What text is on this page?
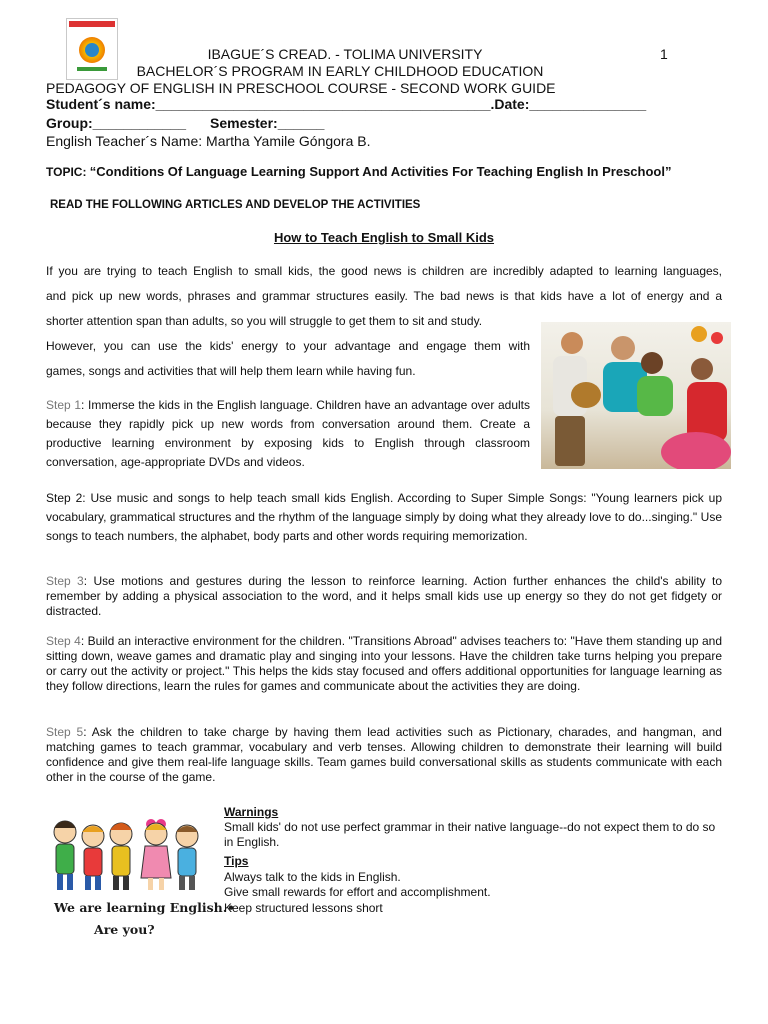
IBAGUE´S CREAD. - TOLIMA UNIVERSITY	1
BACHELOR´S PROGRAM IN EARLY CHILDHOOD EDUCATION
PEDAGOGY OF ENGLISH IN PRESCHOOL COURSE - SECOND WORK GUIDE
Student´s name:___________________________________________.Date:_______________
Group:____________ Semester:______
English Teacher´s Name: Martha Yamile Góngora B.
TOPIC: “Conditions Of Language Learning Support And Activities For Teaching English In Preschool”
READ THE FOLLOWING ARTICLES AND DEVELOP THE ACTIVITIES
How to Teach English to Small Kids
If you are trying to teach English to small kids, the good news is children are incredibly adapted to learning languages,
and pick up new words, phrases and grammar structures easily. The bad news is that kids have a lot of energy and a
shorter attention span than adults, so you will struggle to get them to sit and study.
However, you can use the kids' energy to your advantage and engage them with
games, songs and activities that will help them learn while having fun.
Step 1: Immerse the kids in the English language. Children have an advantage over adults because they rapidly pick up new words from conversation around them. Create a productive learning environment by exposing kids to English through classroom conversation, age-appropriate DVDs and videos.
Step 2: Use music and songs to help teach small kids English. According to Super Simple Songs: "Young learners pick up vocabulary, grammatical structures and the rhythm of the language simply by doing what they already love to do...singing." Use songs to teach numbers, the alphabet, body parts and other words requiring memorization.
Step 3: Use motions and gestures during the lesson to reinforce learning. Action further enhances the child's ability to remember by adding a physical association to the word, and it helps small kids use up energy so they do not get fidgety or distracted.
Step 4: Build an interactive environment for the children. "Transitions Abroad" advises teachers to: "Have them standing up and sitting down, weave games and dramatic play and singing into your lessons. Have the children take turns helping you prepare or carry out the activity or project." This helps the kids stay focused and offers additional opportunities for language learning as they follow directions, learn the rules for games and communicate about the activities they are doing.
Step 5: Ask the children to take charge by having them lead activities such as Pictionary, charades, and hangman, and matching games to teach grammar, vocabulary and verb tenses. Allowing children to demonstrate their learning will build confidence and give them real-life language skills. Team games build conversational skills as students communicate with each other in the course of the game.
We are learning English.•
Are you?
Warnings
Small kids' do not use perfect grammar in their native language--do not expect them to do so in English.
Tips
Always talk to the kids in English.
Give small rewards for effort and accomplishment.
Keep structured lessons short
